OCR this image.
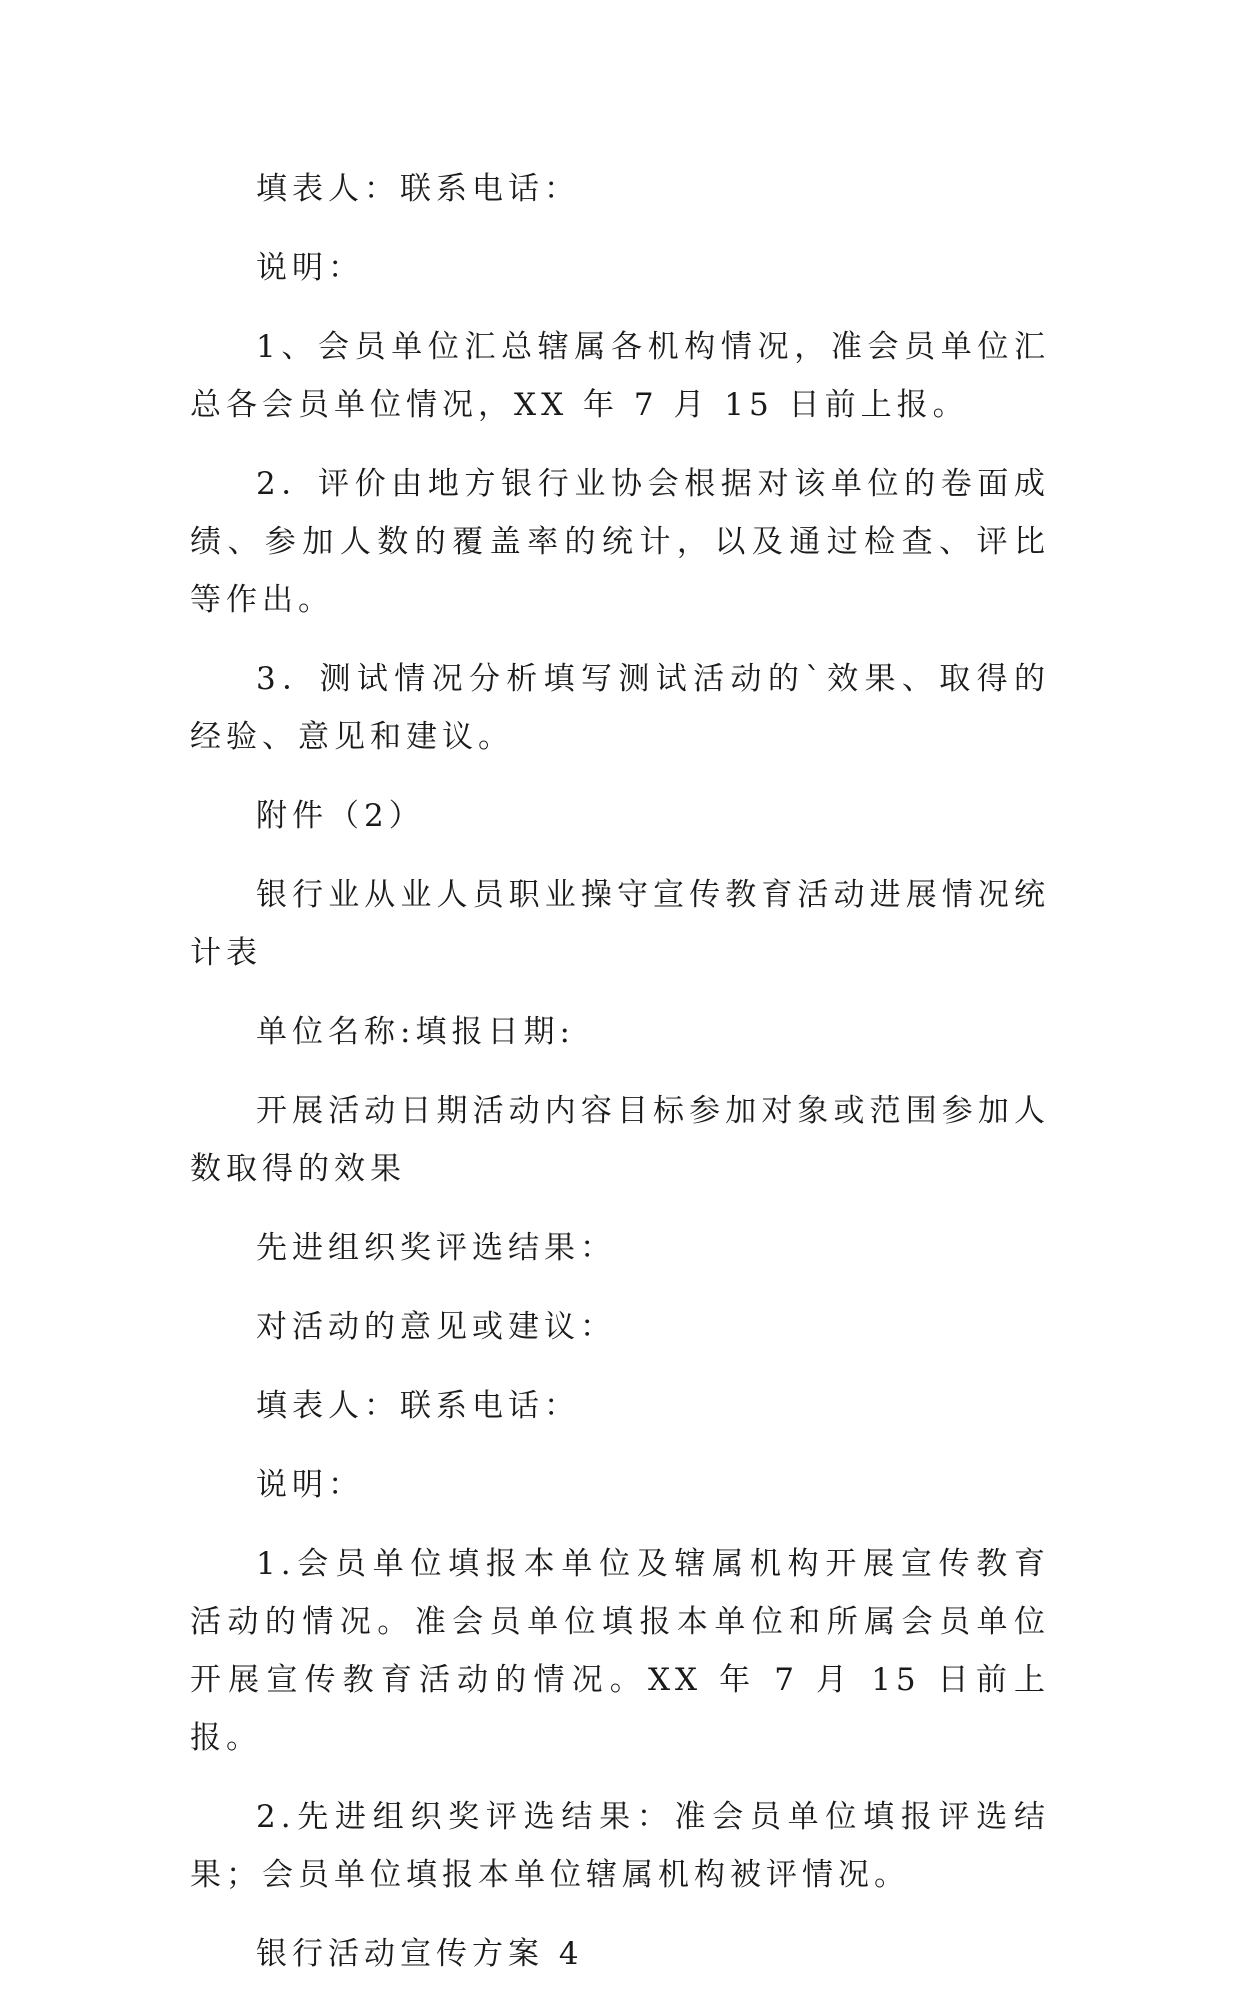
填表人：联系电话：

说明：

1、会员单位汇总辖属各机构情况，准会员单位汇总各会员单位情况，XX 年 7 月 15 日前上报。

2．评价由地方银行业协会根据对该单位的卷面成绩、参加人数的覆盖率的统计，以及通过检查、评比等作出。

3．测试情况分析填写测试活动的`效果、取得的经验、意见和建议。

附件（2）

银行业从业人员职业操守宣传教育活动进展情况统计表

单位名称:填报日期:

开展活动日期活动内容目标参加对象或范围参加人数取得的效果

先进组织奖评选结果：

对活动的意见或建议：

填表人：联系电话：

说明：

1.会员单位填报本单位及辖属机构开展宣传教育活动的情况。准会员单位填报本单位和所属会员单位开展宣传教育活动的情况。XX 年 7 月 15 日前上报。

2.先进组织奖评选结果：准会员单位填报评选结果；会员单位填报本单位辖属机构被评情况。

银行活动宣传方案 4
